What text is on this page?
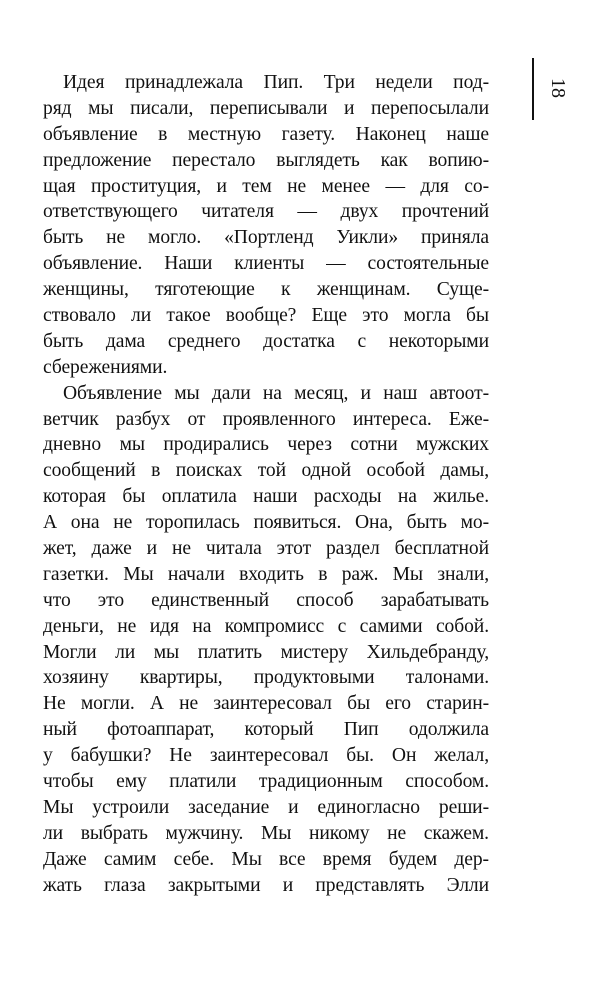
18
Идея принадлежала Пип. Три недели под-
ряд мы писали, переписывали и перепосылали
объявление в местную газету. Наконец наше
предложение перестало выглядеть как вопию-
щая проституция, и тем не менее — для со-
ответствующего читателя — двух прочтений
быть не могло. «Портленд Уикли» приняла
объявление. Наши клиенты — состоятельные
женщины, тяготеющие к женщинам. Суще-
ствовало ли такое вообще? Еще это могла бы
быть дама среднего достатка с некоторыми
сбережениями.
Объявление мы дали на месяц, и наш автоот-
ветчик разбух от проявленного интереса. Еже-
дневно мы продирались через сотни мужских
сообщений в поисках той одной особой дамы,
которая бы оплатила наши расходы на жилье.
А она не торопилась появиться. Она, быть мо-
жет, даже и не читала этот раздел бесплатной
газетки. Мы начали входить в раж. Мы знали,
что это единственный способ зарабатывать
деньги, не идя на компромисс с самими собой.
Могли ли мы платить мистеру Хильдебранду,
хозяину квартиры, продуктовыми талонами.
Не могли. А не заинтересовал бы его старин-
ный фотоаппарат, который Пип одолжила
у бабушки? Не заинтересовал бы. Он желал,
чтобы ему платили традиционным способом.
Мы устроили заседание и единогласно реши-
ли выбрать мужчину. Мы никому не скажем.
Даже самим себе. Мы все время будем дер-
жать глаза закрытыми и представлять Элли
